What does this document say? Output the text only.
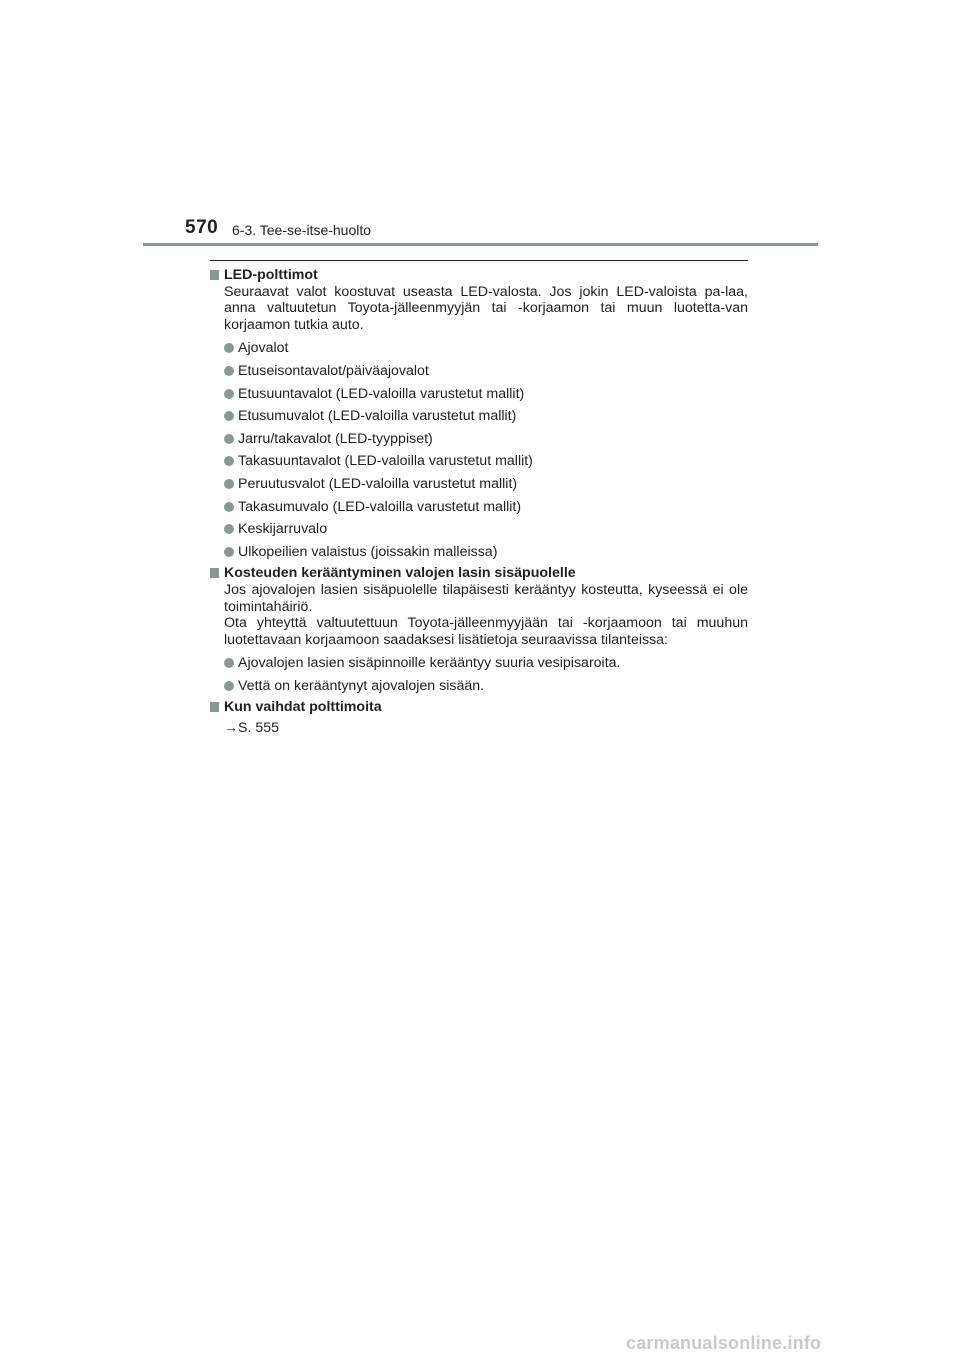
570 6-3. Tee-se-itse-huolto

LED-polttimot

Seuraavat valot koostuvat useasta LED-valosta. Jos jokin LED-valoista pa-laa, anna valtuutetun Toyota-jälleenmyyjän tai -korjaamon tai muun luotetta-van korjaamon tutkia auto.

Ajovalot
Etuseisontavalot/päiväajovalot
Etusuuntavalot (LED-valoilla varustetut mallit)
Etusumuvalot (LED-valoilla varustetut mallit)
Jarru/takavalot (LED-tyyppiset)
Takasuuntavalot (LED-valoilla varustetut mallit)
Peruutusvalot (LED-valoilla varustetut mallit)
Takasumuvalo (LED-valoilla varustetut mallit)
Keskijarruvalo
Ulkopeilien valaistus (joissakin malleissa)

Kosteuden kerääntyminen valojen lasin sisäpuolelle

Jos ajovalojen lasien sisäpuolelle tilapäisesti kerääntyy kosteutta, kyseessä ei ole toimintahäiriö.

Ota yhteyttä valtuutettuun Toyota-jälleenmyyjään tai -korjaamoon tai muuhun luotettavaan korjaamoon saadaksesi lisätietoja seuraavissa tilanteissa:

Ajovalojen lasien sisäpinnoille kerääntyy suuria vesipisaroita.
Vettä on kerääntynyt ajovalojen sisään.

Kun vaihdat polttimoita

→S. 555

carmanualsonline.info
